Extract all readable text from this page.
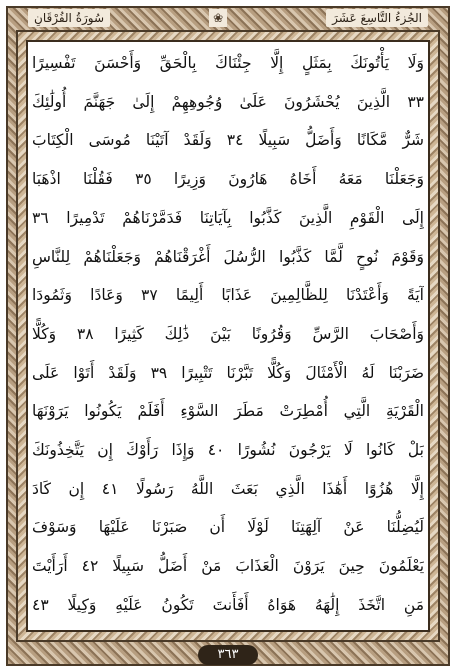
الجُزءُ التَّاسِعَ عَشَرَ
❀
سُورَةُ الفُرْقَانِ
وَلَا يَأْتُونَكَ بِمَثَلٍ إِلَّا جِئْنَاكَ بِالْحَقِّ وَأَحْسَنَ تَفْسِيرًا
٣٣ الَّذِينَ يُحْشَرُونَ عَلَىٰ وُجُوهِهِمْ إِلَىٰ جَهَنَّمَ أُولَٰئِكَ
شَرٌّ مَّكَانًا وَأَضَلُّ سَبِيلًا ٣٤ وَلَقَدْ آتَيْنَا مُوسَى الْكِتَابَ
وَجَعَلْنَا مَعَهُ أَخَاهُ هَارُونَ وَزِيرًا ٣٥ فَقُلْنَا اذْهَبَا
إِلَى الْقَوْمِ الَّذِينَ كَذَّبُوا بِآيَاتِنَا فَدَمَّرْنَاهُمْ تَدْمِيرًا ٣٦
وَقَوْمَ نُوحٍ لَّمَّا كَذَّبُوا الرُّسُلَ أَغْرَقْنَاهُمْ وَجَعَلْنَاهُمْ لِلنَّاسِ
آيَةً وَأَعْتَدْنَا لِلظَّالِمِينَ عَذَابًا أَلِيمًا ٣٧ وَعَادًا وَثَمُودَا
وَأَصْحَابَ الرَّسِّ وَقُرُونًا بَيْنَ ذَٰلِكَ كَثِيرًا ٣٨ وَكُلًّا
ضَرَبْنَا لَهُ الْأَمْثَالَ وَكُلًّا تَبَّرْنَا تَتْبِيرًا ٣٩ وَلَقَدْ أَتَوْا عَلَى
الْقَرْيَةِ الَّتِي أُمْطِرَتْ مَطَرَ السَّوْءِ أَفَلَمْ يَكُونُوا يَرَوْنَهَا
بَلْ كَانُوا لَا يَرْجُونَ نُشُورًا ٤٠ وَإِذَا رَأَوْكَ إِن يَتَّخِذُونَكَ
إِلَّا هُزُوًا أَهَٰذَا الَّذِي بَعَثَ اللَّهُ رَسُولًا ٤١ إِن كَادَ
لَيُضِلُّنَا عَنْ آلِهَتِنَا لَوْلَا أَن صَبَرْنَا عَلَيْهَا وَسَوْفَ
يَعْلَمُونَ حِينَ يَرَوْنَ الْعَذَابَ مَنْ أَضَلُّ سَبِيلًا ٤٢ أَرَأَيْتَ
مَنِ اتَّخَذَ إِلَٰهَهُ هَوَاهُ أَفَأَنتَ تَكُونُ عَلَيْهِ وَكِيلًا ٤٣
٣٦٣
